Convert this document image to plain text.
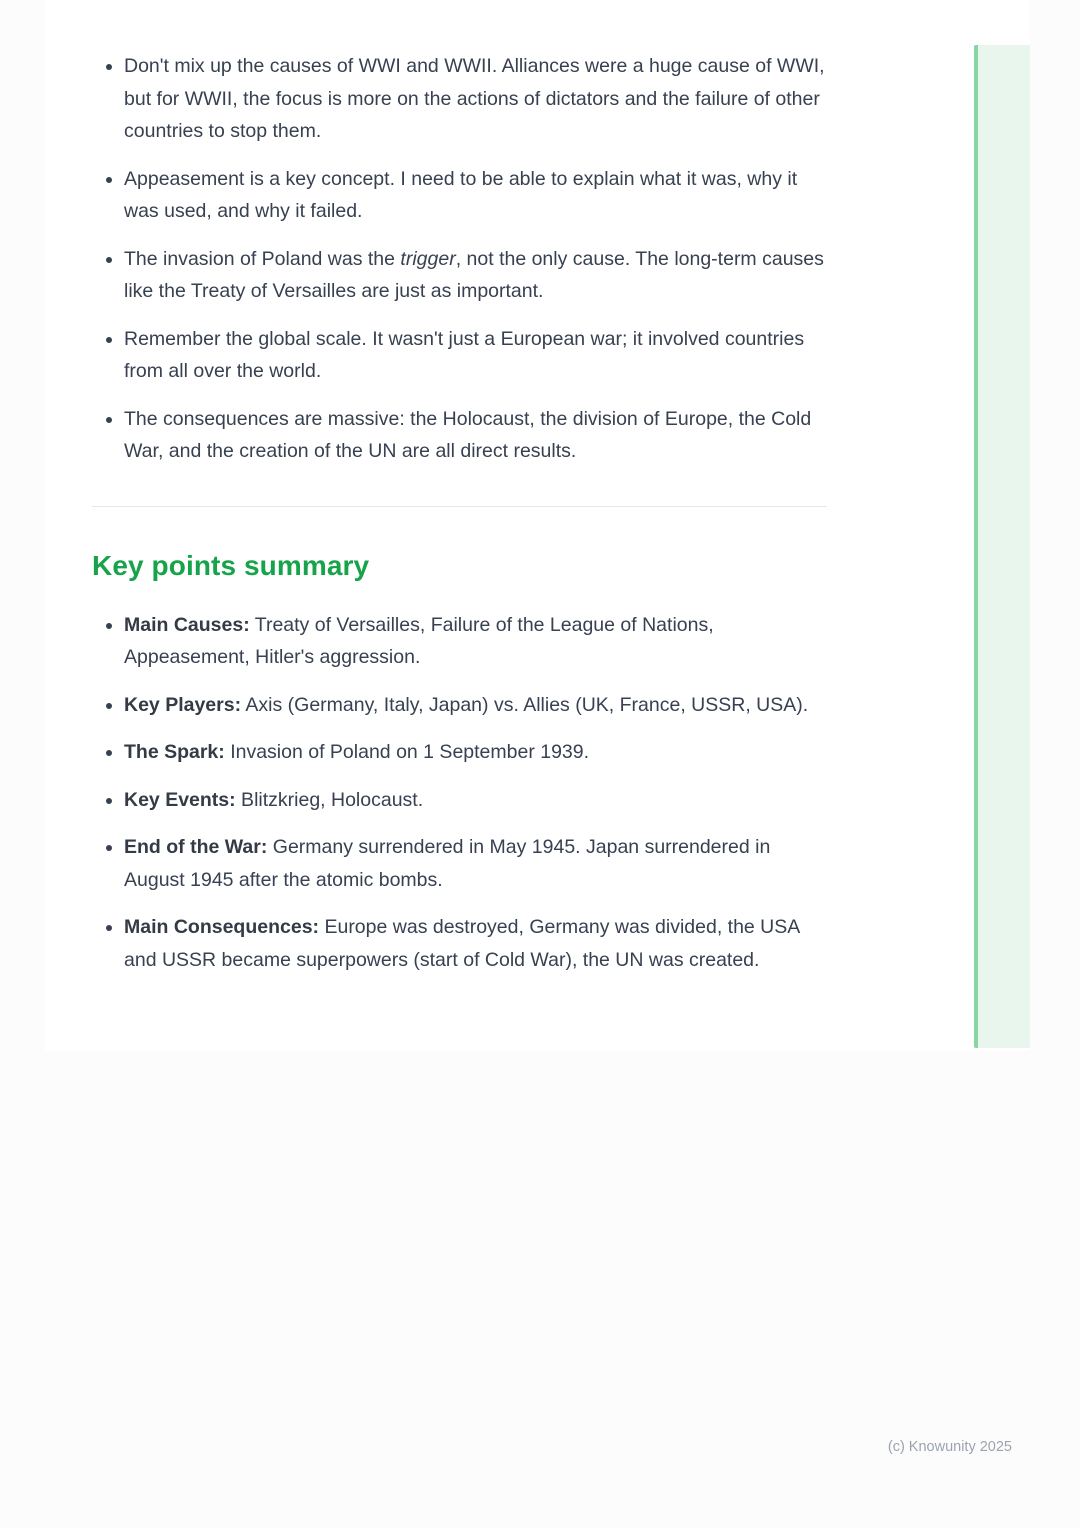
• Don't mix up the causes of WWI and WWII. Alliances were a huge cause of WWI, but for WWII, the focus is more on the actions of dictators and the failure of other countries to stop them.
• Appeasement is a key concept. I need to be able to explain what it was, why it was used, and why it failed.
• The invasion of Poland was the trigger, not the only cause. The long-term causes like the Treaty of Versailles are just as important.
• Remember the global scale. It wasn't just a European war; it involved countries from all over the world.
• The consequences are massive: the Holocaust, the division of Europe, the Cold War, and the creation of the UN are all direct results.
Key points summary
• Main Causes: Treaty of Versailles, Failure of the League of Nations, Appeasement, Hitler's aggression.
• Key Players: Axis (Germany, Italy, Japan) vs. Allies (UK, France, USSR, USA).
• The Spark: Invasion of Poland on 1 September 1939.
• Key Events: Blitzkrieg, Holocaust.
• End of the War: Germany surrendered in May 1945. Japan surrendered in August 1945 after the atomic bombs.
• Main Consequences: Europe was destroyed, Germany was divided, the USA and USSR became superpowers (start of Cold War), the UN was created.
(c) Knowunity 2025
